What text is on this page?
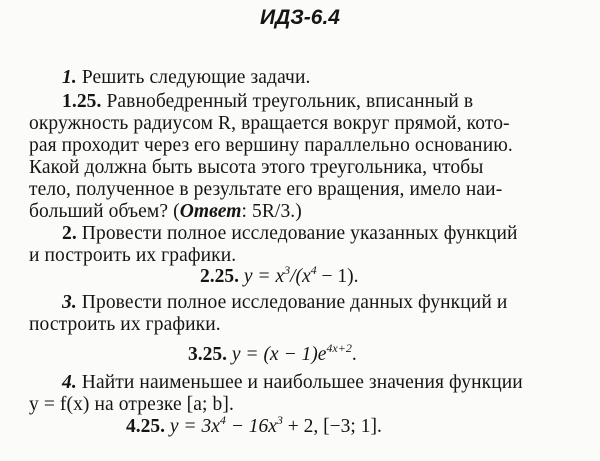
ИДЗ-6.4
1. Решить следующие задачи.
1.25. Равнобедренный треугольник, вписанный в
окружность радиусом R, вращается вокруг прямой, кото-
рая проходит через его вершину параллельно основанию.
Какой должна быть высота этого треугольника, чтобы
тело, полученное в результате его вращения, имело наи-
больший объем? (Ответ: 5R/3.)
2. Провести полное исследование указанных функций
и построить их графики.
2.25. $y = x^3/(x^4 - 1)$.
3. Провести полное исследование данных функций и
построить их графики.
3.25. $y = (x - 1)e^{4x+2}$.
4. Найти наименьшее и наибольшее значения функции
y = f(x) на отрезке [a; b].
4.25. $y = 3x^4 - 16x^3 + 2$, [−3; 1].
